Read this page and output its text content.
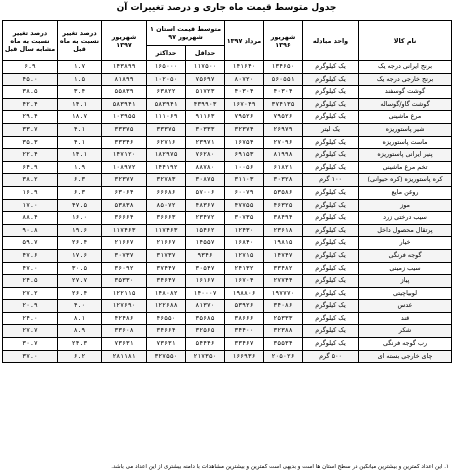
جدول متوسط قیمت ماه جاری و درصد تغییرات آن
نام کالا	واحد مبادله	شهریور ۱۳۹۶	مرداد ۱۳۹۷	متوسط قیمت استان ۱ شهریور ۹۷		شهریور ۱۳۹۷	درصد تغییر نسبت به ماه قبل	درصد تغییر نسبت به ماه مشابه سال قبل
				حداقل	حداکثر			
برنج ایرانی درجه یک	یک کیلوگرم	۱۳۴۶۵۰	۱۴۱۶۴۰	۱۱۷۵۰۰	۱۶۵۰۰۰	۱۴۳۸۹۹	۱.۷	۶.۹
برنج خارجی درجه یک	یک کیلوگرم	۵۶۰۵۵۱	۸۰۷۲۰	۷۵۶۹۷	۱۰۲۰۵۰	۸۱۸۹۹	۱.۵	۴۵.۰
گوشت گوسفند	یک کیلوگرم	۴۰۳۰۴	۴۰۳۰۴	۵۱۷۲۳	۶۳۸۲۲	۵۵۸۳۹	۳.۴	۳۸.۵
گوشت گاو/گوساله	یک کیلوگرم	۳۷۴۱۳۵	۱۶۷۰۴۹	۴۳۹۹۰۳	۵۸۳۹۴۱	۵۸۳۹۴۱	۱۴.۱	۴۲.۴
مرغ ماشینی	یک کیلوگرم	۷۹۵۲۶	۷۹۵۲۶	۹۱۱۶۳	۱۱۱۰۶۹	۱۰۳۹۵۵	۱۸.۷	۲۹.۴
شیر پاستوریزه	یک لیتر	۲۶۹۷۹	۳۲۳۷۴	۳۰۳۳۳	۳۳۳۷۵	۳۳۳۷۵	۴.۱	۳۳.۷
ماست پاستوریزه	یک کیلوگرم	۲۷۰۹۶	۱۶۷۵۴	۲۳۹۷۱	۶۲۷۱۶	۳۳۳۴۶	۴.۱	۳۵.۳
پنیر ایرانی پاستوریزه	یک کیلوگرم	۸۱۹۹۸	۶۹۱۵۳	۷۶۲۸۰	۱۸۲۹۷۵	۱۴۷۱۲۰	۱۴.۱	۲۲.۴
تخم مرغ ماشینی	یک کیلوگرم	۶۱۸۲۱	۱۰۰۵۶	۸۸۷۸۰	۱۴۴۱۹۲	۱۰۸۹۷۲	۱.۹	۶۴.۹
کره پاستوریزه (کره حیوانی)	۱۰۰ گرم	۳۰۳۲۸	۳۱۱۰۳	۳۰۸۷۵	۳۲۷۸۳	۳۲۳۷۷	۶.۳	۳۸.۲
روغن مایع	یک کیلوگرم	۵۳۵۸۶	۶۰۰۷۹	۵۷۰۰۶	۶۶۶۸۶	۶۳۰۶۴	۶.۳	۱۶.۹
موز	یک کیلوگرم	۴۶۳۲۵	۴۷۷۵۵	۴۸۳۶۷	۸۵۰۷۲	۵۳۸۳۸	۴۷.۵	۱۷.۰
سیب درختی زرد	یک کیلوگرم	۳۸۴۹۴	۳۰۷۳۵	۲۳۴۷۲	۳۶۶۶۳	۳۶۶۶۴	۱۶.۰	۸۸.۴
پرتقال محصول داخل	یک کیلوگرم	۲۳۶۱۸	۱۲۴۳۰	۱۵۴۶۲	۱۱۷۴۶۳	۱۱۷۴۶۳	۱۹.۶	۹۰.۸
خیار	یک کیلوگرم	۱۹۸۱۵	۱۶۸۴۰	۱۴۵۵۷	۲۱۶۶۷	۲۱۶۶۷	۲۶.۴	۵۹.۷
گوجه فرنگی	یک کیلوگرم	۱۴۷۴۷	۱۲۷۱۵	۹۳۴۶	۳۱۷۳۷	۳۰۷۳۷	۱۷.۶	۴۷.۶
سیب زمینی	یک کیلوگرم	۳۳۴۸۲	۲۴۱۳۲	۳۰۵۴۷	۳۷۴۴۷	۳۶۰۹۲	۳۰.۵	۴۷.۰
پیاز	یک کیلوگرم	۲۷۷۴۴	۱۶۷۰۴	۱۶۱۶۷	۳۴۶۴۷	۳۵۳۳۰	۲۷.۷	۲۴.۵
لوبیاچیتی	یک کیلوگرم	۱۹۷۷۷۰	۱۹۸۸۰۶	۱۴۰۰۰۷	۱۴۸۰۸۲	۱۲۲۱۱۵	۲۶.۴	۲۷.۲
عدس	یک کیلوگرم	۳۴۰۸۶	۵۳۹۲۶	۸۱۳۷۰	۱۲۲۶۸۸	۱۲۷۶۹۰	۴.۰	۲۰.۹
قند	یک کیلوگرم	۲۵۳۳۳	۳۸۶۶۶	۳۵۶۸۵	۴۶۵۵۰	۴۲۴۸۶	۸.۱	۲۴.۰
شکر	یک کیلوگرم	۳۲۳۸۸	۳۴۴۰۰	۳۲۵۶۵	۳۴۶۶۴	۳۳۶۰۸	۸.۹	۲۷.۷
رب گوجه فرنگی	یک کیلوگرم	۳۵۵۳۴	۳۳۴۶۷	۵۴۴۴۶	۷۳۶۳۱	۷۳۶۳۱	۲۴.۳	۳۰.۷
چای خارجی بسته ای	۵۰۰ گرم	۲۰۵۰۲۶	۱۶۶۹۳۶	۲۱۷۳۵۰	۳۲۷۵۵۰	۲۸۱۱۸۱	۶.۲	۳۷.۰
۱. این اعداد کمترین و بیشترین میانگین در سطح استان ها است و بدیهی است کمترین و بیشترین مشاهدات با دامنه بیشتری از این اعداد می باشد.
